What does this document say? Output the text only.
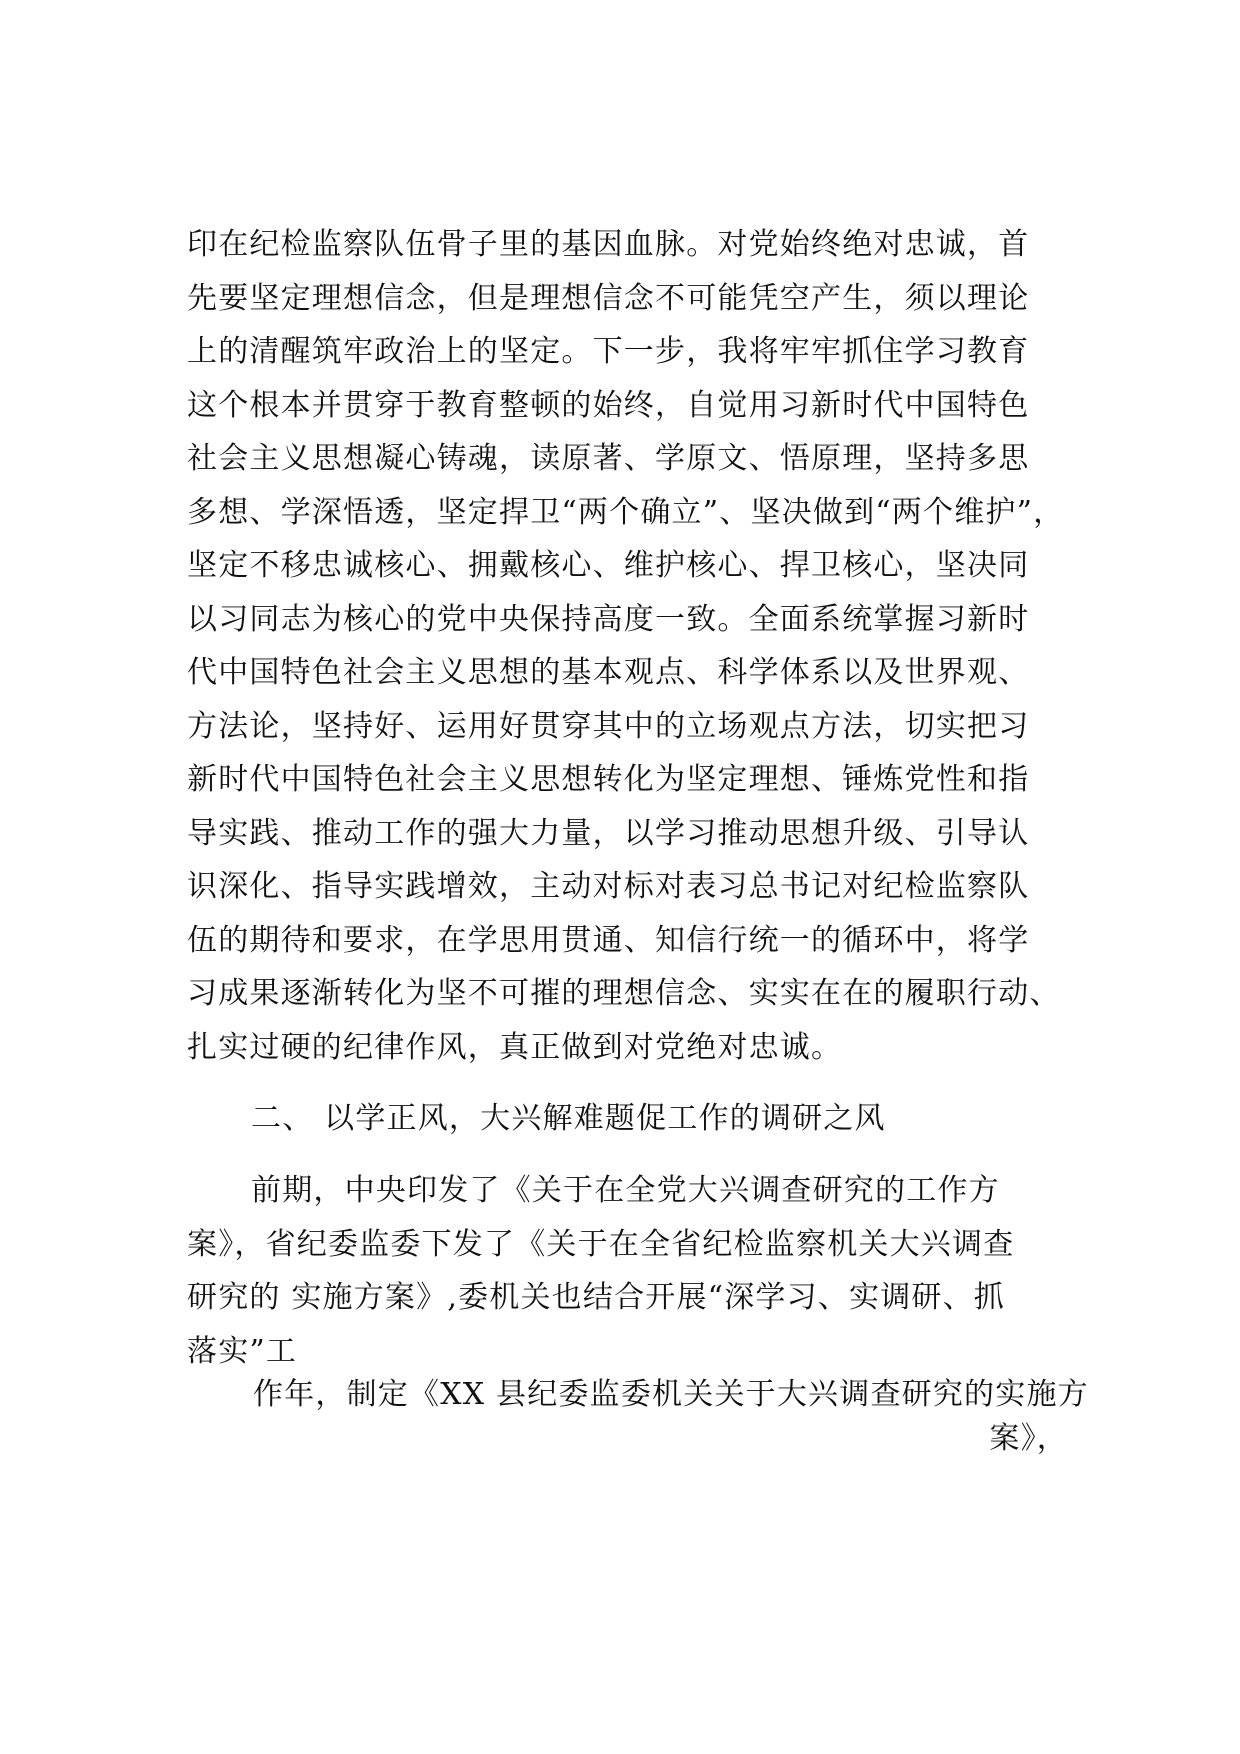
印在纪检监察队伍骨子里的基因血脉。对党始终绝对忠诚，首
先要坚定理想信念，但是理想信念不可能凭空产生，须以理论
上的清醒筑牢政治上的坚定。下一步，我将牢牢抓住学习教育
这个根本并贯穿于教育整顿的始终，自觉用习新时代中国特色
社会主义思想凝心铸魂，读原著、学原文、悟原理，坚持多思
多想、学深悟透，坚定捍卫“两个确立”、坚决做到“两个维护”，
坚定不移忠诚核心、拥戴核心、维护核心、捍卫核心，坚决同
以习同志为核心的党中央保持高度一致。全面系统掌握习新时
代中国特色社会主义思想的基本观点、科学体系以及世界观、
方法论，坚持好、运用好贯穿其中的立场观点方法，切实把习
新时代中国特色社会主义思想转化为坚定理想、锤炼党性和指
导实践、推动工作的强大力量，以学习推动思想升级、引导认
识深化、指导实践增效，主动对标对表习总书记对纪检监察队
伍的期待和要求，在学思用贯通、知信行统一的循环中，将学
习成果逐渐转化为坚不可摧的理想信念、实实在在的履职行动、
扎实过硬的纪律作风，真正做到对党绝对忠诚。
二、 以学正风，大兴解难题促工作的调研之风
前期，中央印发了《关于在全党大兴调查研究的工作方
案》，省纪委监委下发了《关于在全省纪检监察机关大兴调查
研究的 实施方案》,委机关也结合开展“深学习、实调研、抓
落实”工
作年，制定《XX 县纪委监委机关关于大兴调查研究的实施方
案》，
